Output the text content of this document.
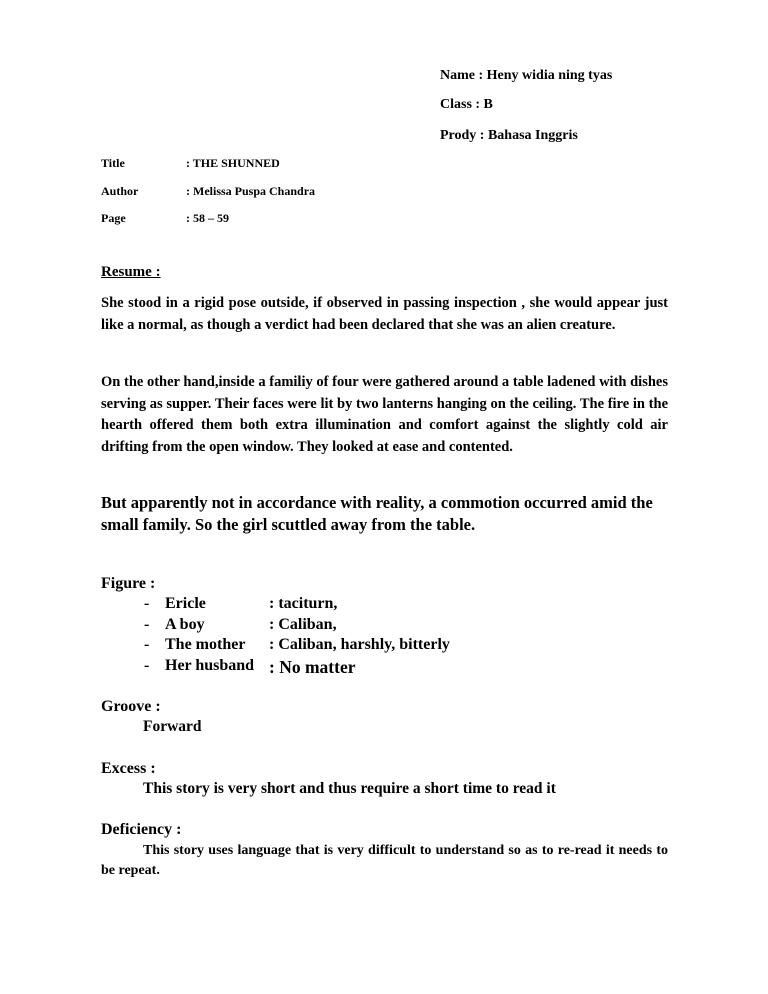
Name : Heny widia ning tyas
Class : B
Prody : Bahasa Inggris
Title	: THE SHUNNED
Author	: Melissa Puspa Chandra
Page	: 58 – 59
Resume :

She stood in a rigid pose outside, if observed in passing inspection , she would appear just like a normal, as though a verdict had been declared that she was an alien creature.

On the other hand,inside a familiy of four were gathered around a table ladened with dishes serving as supper. Their faces were lit by two lanterns hanging on the ceiling. The fire in the hearth offered them both extra illumination and comfort against the slightly cold air drifting from the open window. They looked at ease and contented.

But apparently not in accordance with reality, a commotion occurred amid the small family. So the girl scuttled away from the table.

Figure :
- Ericle	: taciturn,
- A boy	: Caliban,
- The mother : Caliban, harshly, bitterly
- Her husband : No matter
Groove :
Forward
Excess :
This story is very short and thus require a short time to read it
Deficiency :

This story uses language that is very difficult to understand so as to re-read it needs to be repeat.
